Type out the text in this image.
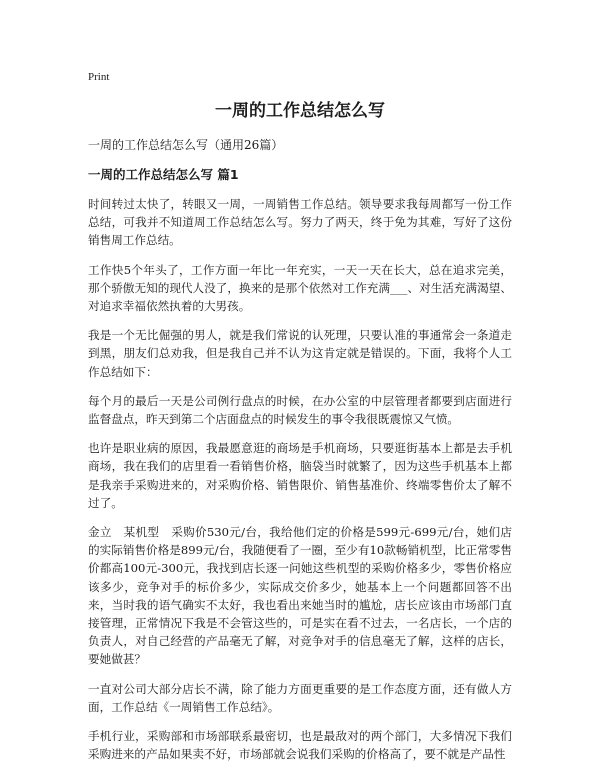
Print
一周的工作总结怎么写
一周的工作总结怎么写（通用26篇）
一周的工作总结怎么写 篇1

时间转过太快了，转眼又一周，一周销售工作总结。领导要求我每周都写一份工作总结，可我并不知道周工作总结怎么写。努力了两天，终于免为其难，写好了这份销售周工作总结。

工作快5个年头了，工作方面一年比一年充实，一天一天在长大，总在追求完美，那个骄傲无知的现代人没了，换来的是那个依然对工作充满___、对生活充满渴望、对追求幸福依然执着的大男孩。

我是一个无比倔强的男人，就是我们常说的认死理，只要认准的事通常会一条道走到黑，朋友们总劝我，但是我自己并不认为这肯定就是错误的。下面，我将个人工作总结如下：

每个月的最后一天是公司例行盘点的时候，在办公室的中层管理者都要到店面进行监督盘点，昨天到第二个店面盘点的时候发生的事令我很既震惊又气愤。

也许是职业病的原因，我最愿意逛的商场是手机商场，只要逛街基本上都是去手机商场，我在我们的店里看一看销售价格，脑袋当时就繁了，因为这些手机基本上都是我亲手采购进来的，对采购价格、销售限价、销售基准价、终端零售价太了解不过了。

金立　某机型　采购价530元/台，我给他们定的价格是599元-699元/台，她们店的实际销售价格是899元/台，我随便看了一圈，至少有10款畅销机型，比正常零售价都高100元-300元，我找到店长逐一问她这些机型的采购价格多少，零售价格应该多少，竞争对手的标价多少，实际成交价多少，她基本上一个问题都回答不出来，当时我的语气确实不太好，我也看出来她当时的尴尬，店长应该由市场部门直接管理，正常情况下我是不会管这些的，可是实在看不过去，一名店长，一个店的负责人，对自己经营的产品毫无了解，对竞争对手的信息毫无了解，这样的店长，要她做甚？

一直对公司大部分店长不满，除了能力方面更重要的是工作态度方面，还有做人方面，工作总结《一周销售工作总结》。

手机行业，采购部和市场部联系最密切，也是最敌对的两个部门，大多情况下我们采购进来的产品如果卖不好，市场部就会说我们采购的价格高了，要不就是产品性
